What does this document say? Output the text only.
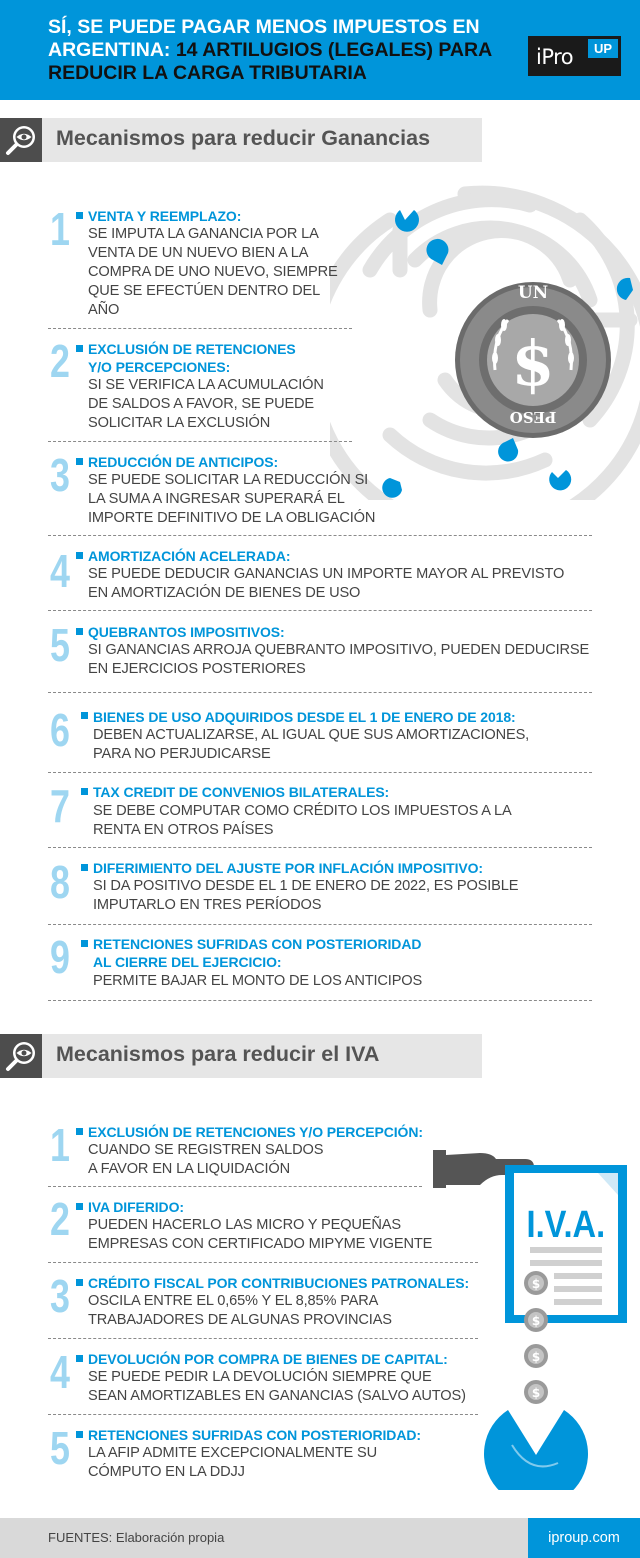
SÍ, SE PUEDE PAGAR MENOS IMPUESTOS EN ARGENTINA: 14 ARTILUGIOS (LEGALES) PARA
REDUCIR LA CARGA TRIBUTARIA
iPro	UP
Mecanismos para reducir Ganancias
UN
$
PESO
1 VENTA Y REEMPLAZO:
SE IMPUTA LA GANANCIA POR LA
VENTA DE UN NUEVO BIEN A LA
COMPRA DE UNO NUEVO, SIEMPRE
QUE SE EFECTÚEN DENTRO DEL
AÑO
2 EXCLUSIÓN DE RETENCIONES
Y/O PERCEPCIONES:
SI SE VERIFICA LA ACUMULACIÓN
DE SALDOS A FAVOR, SE PUEDE
SOLICITAR LA EXCLUSIÓN
3 REDUCCIÓN DE ANTICIPOS:
SE PUEDE SOLICITAR LA REDUCCIÓN SI
LA SUMA A INGRESAR SUPERARÁ EL
IMPORTE DEFINITIVO DE LA OBLIGACIÓN
4 AMORTIZACIÓN ACELERADA:
SE PUEDE DEDUCIR GANANCIAS UN IMPORTE MAYOR AL PREVISTO
EN AMORTIZACIÓN DE BIENES DE USO
5 QUEBRANTOS IMPOSITIVOS:
SI GANANCIAS ARROJA QUEBRANTO IMPOSITIVO, PUEDEN DEDUCIRSE
EN EJERCICIOS POSTERIORES
6 BIENES DE USO ADQUIRIDOS DESDE EL 1 DE ENERO DE 2018:
DEBEN ACTUALIZARSE, AL IGUAL QUE SUS AMORTIZACIONES,
PARA NO PERJUDICARSE
7 TAX CREDIT DE CONVENIOS BILATERALES:
SE DEBE COMPUTAR COMO CRÉDITO LOS IMPUESTOS A LA
RENTA EN OTROS PAÍSES
8 DIFERIMIENTO DEL AJUSTE POR INFLACIÓN IMPOSITIVO:
SI DA POSITIVO DESDE EL 1 DE ENERO DE 2022, ES POSIBLE
IMPUTARLO EN TRES PERÍODOS
9 RETENCIONES SUFRIDAS CON POSTERIORIDAD
AL CIERRE DEL EJERCICIO:
PERMITE BAJAR EL MONTO DE LOS ANTICIPOS
Mecanismos para reducir el IVA
I.V.A.
$
$
$
$
1 EXCLUSIÓN DE RETENCIONES Y/O PERCEPCIÓN:
CUANDO SE REGISTREN SALDOS
A FAVOR EN LA LIQUIDACIÓN
2 IVA DIFERIDO:
PUEDEN HACERLO LAS MICRO Y PEQUEÑAS
EMPRESAS CON CERTIFICADO MIPYME VIGENTE
3 CRÉDITO FISCAL POR CONTRIBUCIONES PATRONALES:
OSCILA ENTRE EL 0,65% Y EL 8,85% PARA
TRABAJADORES DE ALGUNAS PROVINCIAS
4 DEVOLUCIÓN POR COMPRA DE BIENES DE CAPITAL:
SE PUEDE PEDIR LA DEVOLUCIÓN SIEMPRE QUE
SEAN AMORTIZABLES EN GANANCIAS (SALVO AUTOS)
5 RETENCIONES SUFRIDAS CON POSTERIORIDAD:
LA AFIP ADMITE EXCEPCIONALMENTE SU
CÓMPUTO EN LA DDJJ
FUENTES: Elaboración propia	iproup.com
